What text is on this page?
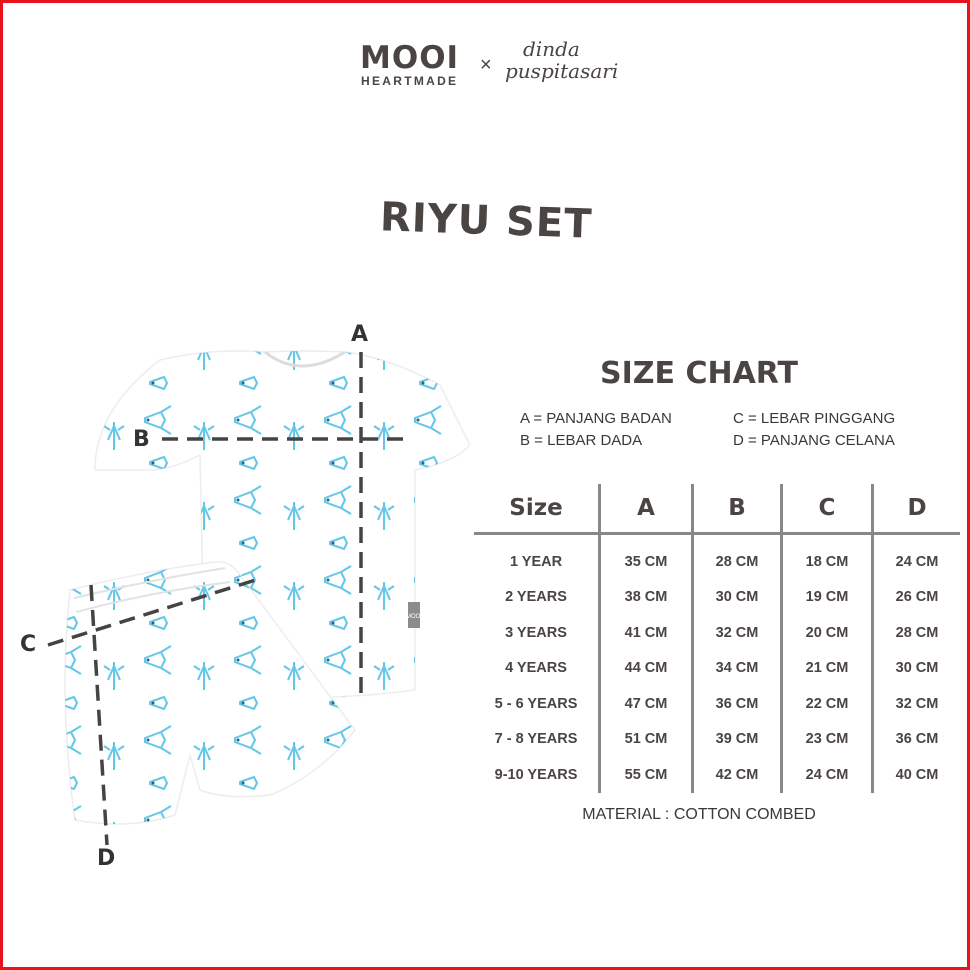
MOOI
HEARTMADE
×
dinda
puspitasari
RIYU SET
MOOI
A
B
C
D
SIZE CHART
A = PANJANG BADAN	C = LEBAR PINGGANG
B = LEBAR DADA	D = PANJANG CELANA
Size	A	B	C	D
1 YEAR	35 CM	28 CM	18 CM	24 CM
2 YEARS	38 CM	30 CM	19 CM	26 CM
3 YEARS	41 CM	32 CM	20 CM	28 CM
4 YEARS	44 CM	34 CM	21 CM	30 CM
5 - 6 YEARS	47 CM	36 CM	22 CM	32 CM
7 - 8 YEARS	51 CM	39 CM	23 CM	36 CM
9-10 YEARS	55 CM	42 CM	24 CM	40 CM
MATERIAL : COTTON COMBED
